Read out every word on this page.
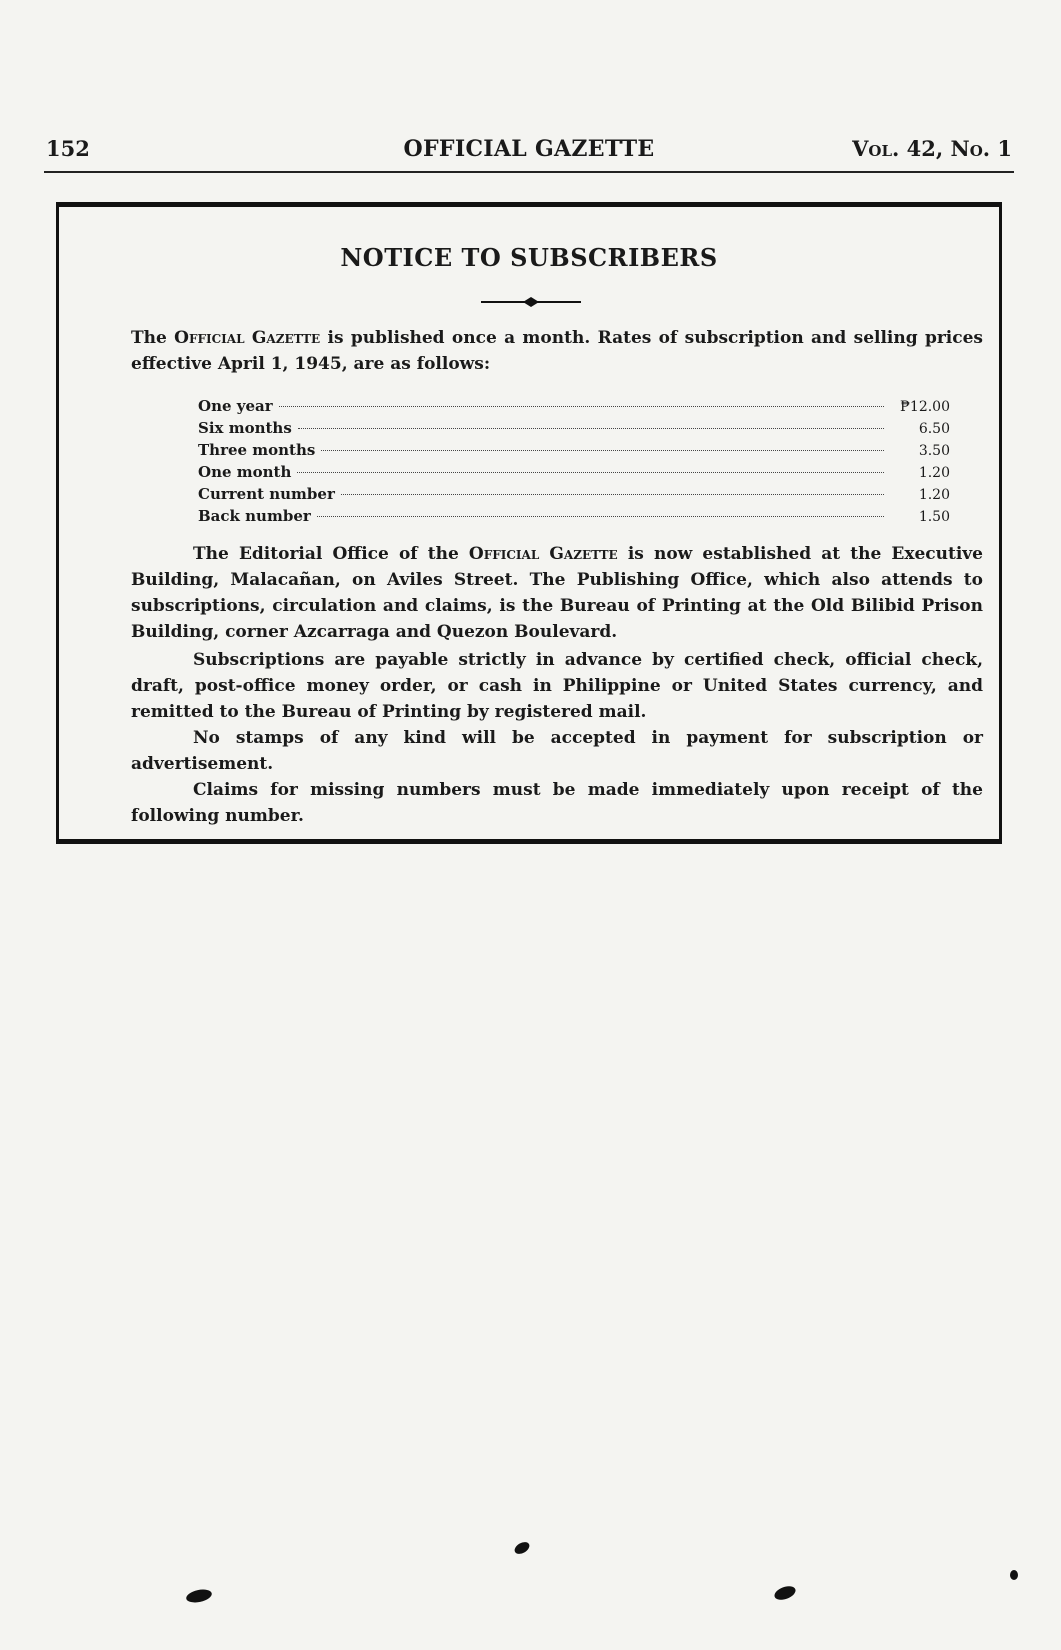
152	OFFICIAL GAZETTE	Vol. 42, No. 1
NOTICE TO SUBSCRIBERS
The Official Gazette is published once a month. Rates of subscription and selling prices effective April 1, 1945, are as follows:
One year	₱12.00
Six months	6.50
Three months	3.50
One month	1.20
Current number	1.20
Back number	1.50
The Editorial Office of the Official Gazette is now established at the Executive Building, Malacañan, on Aviles Street. The Publishing Office, which also attends to subscriptions, circulation and claims, is the Bureau of Printing at the Old Bilibid Prison Building, corner Azcarraga and Quezon Boulevard.
Subscriptions are payable strictly in advance by certified check, official check, draft, post-office money order, or cash in Philippine or United States currency, and remitted to the Bureau of Printing by registered mail.
No stamps of any kind will be accepted in payment for subscription or advertisement.
Claims for missing numbers must be made immediately upon receipt of the following number.
